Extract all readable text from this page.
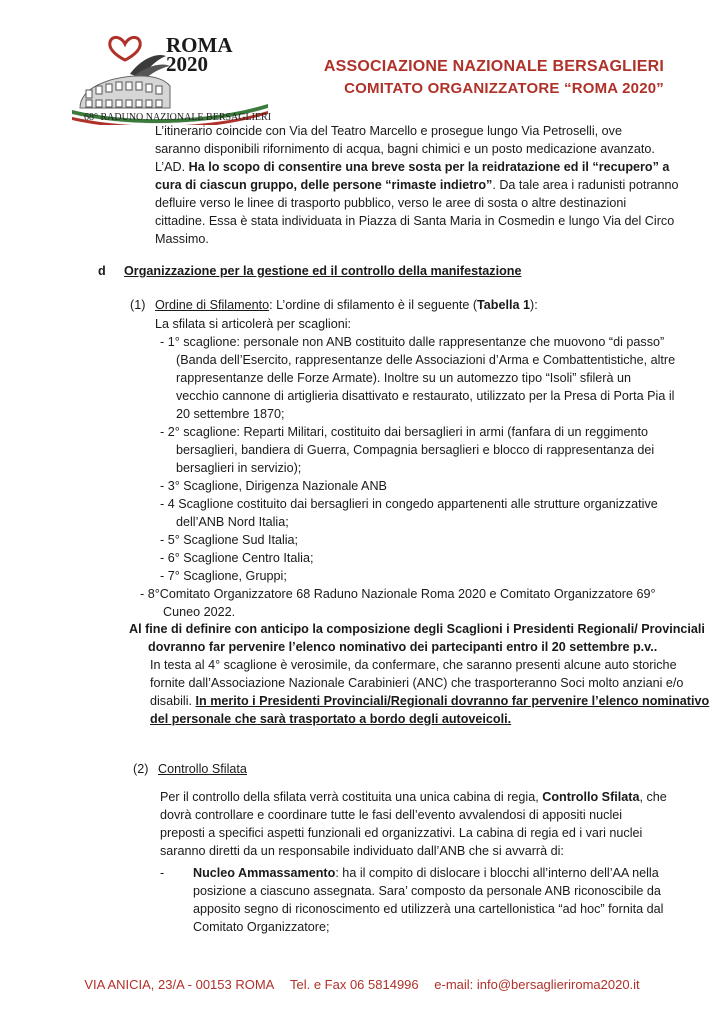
ROMA
2020
68° RADUNO NAZIONALE BERSAGLIERI
ASSOCIAZIONE NAZIONALE BERSAGLIERI
COMITATO ORGANIZZATORE “ROMA 2020”
L’itinerario coincide con Via del Teatro Marcello e prosegue lungo Via Petroselli, ove
saranno disponibili rifornimento di acqua, bagni chimici e un posto medicazione avanzato.
L’AD. Ha lo scopo di consentire una breve sosta per la reidratazione ed il “recupero” a
cura di ciascun gruppo, delle persone “rimaste indietro”. Da tale area i radunisti potranno
defluire verso le linee di trasporto pubblico, verso le aree di sosta o altre destinazioni
cittadine. Essa è stata individuata in Piazza di Santa Maria in Cosmedin e lungo Via del Circo
Massimo.
d Organizzazione per la gestione ed il controllo della manifestazione
(1) Ordine di Sfilamento: L’ordine di sfilamento è il seguente (Tabella 1):
La sfilata si articolerà per scaglioni:
- 1° scaglione: personale non ANB costituito dalle rappresentanze che muovono “di passo”
(Banda dell’Esercito, rappresentanze delle Associazioni d’Arma e Combattentistiche, altre
rappresentanze delle Forze Armate). Inoltre su un automezzo tipo “Isoli” sfilerà un
vecchio cannone di artiglieria disattivato e restaurato, utilizzato per la Presa di Porta Pia il
20 settembre 1870;
- 2° scaglione: Reparti Militari, costituito dai bersaglieri in armi (fanfara di un reggimento
bersaglieri, bandiera di Guerra, Compagnia bersaglieri e blocco di rappresentanza dei
bersaglieri in servizio);
- 3° Scaglione, Dirigenza Nazionale ANB
- 4 Scaglione costituito dai bersaglieri in congedo appartenenti alle strutture organizzative
dell’ANB Nord Italia;
- 5° Scaglione Sud Italia;
- 6° Scaglione Centro Italia;
- 7° Scaglione, Gruppi;
- 8°Comitato Organizzatore 68 Raduno Nazionale Roma 2020 e Comitato Organizzatore 69°
Cuneo 2022.
Al fine di definire con anticipo la composizione degli Scaglioni i Presidenti Regionali/ Provinciali
dovranno far pervenire l’elenco nominativo dei partecipanti entro il 20 settembre p.v..
In testa al 4° scaglione è verosimile, da confermare, che saranno presenti alcune auto storiche
fornite dall’Associazione Nazionale Carabinieri (ANC) che trasporteranno Soci molto anziani e/o
disabili. In merito i Presidenti Provinciali/Regionali dovranno far pervenire l’elenco nominativo
del personale che sarà trasportato a bordo degli autoveicoli.
(2) Controllo Sfilata
Per il controllo della sfilata verrà costituita una unica cabina di regia, Controllo Sfilata, che
dovrà controllare e coordinare tutte le fasi dell’evento avvalendosi di appositi nuclei
preposti a specifici aspetti funzionali ed organizzativi. La cabina di regia ed i vari nuclei
saranno diretti da un responsabile individuato dall’ANB che si avvarrà di:
- Nucleo Ammassamento: ha il compito di dislocare i blocchi all’interno dell’AA nella
posizione a ciascuno assegnata. Sara’ composto da personale ANB riconoscibile da
apposito segno di riconoscimento ed utilizzerà una cartellonistica “ad hoc” fornita dal
Comitato Organizzatore;
VIA ANICIA, 23/A - 00153 ROMA Tel. e Fax 06 5814996 e-mail: info@bersaglieriroma2020.it
